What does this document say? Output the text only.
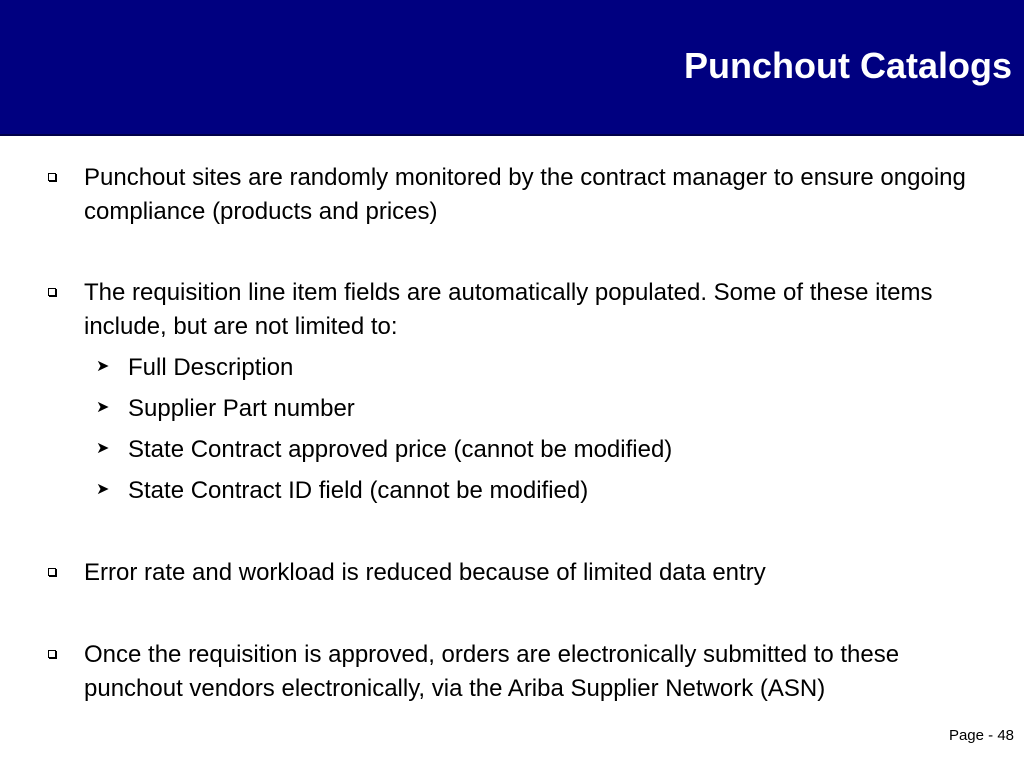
Punchout Catalogs
Punchout sites are randomly monitored by the contract manager to ensure ongoing compliance (products and prices)
The requisition line item fields are automatically populated. Some of these items include, but are not limited to:
➤ Full Description
➤ Supplier Part number
➤ State Contract approved price (cannot be modified)
➤ State Contract ID field (cannot be modified)
Error rate and workload is reduced because of limited data entry
Once the requisition is approved, orders are electronically submitted to these punchout vendors electronically, via the Ariba Supplier Network (ASN)
Page - 48
